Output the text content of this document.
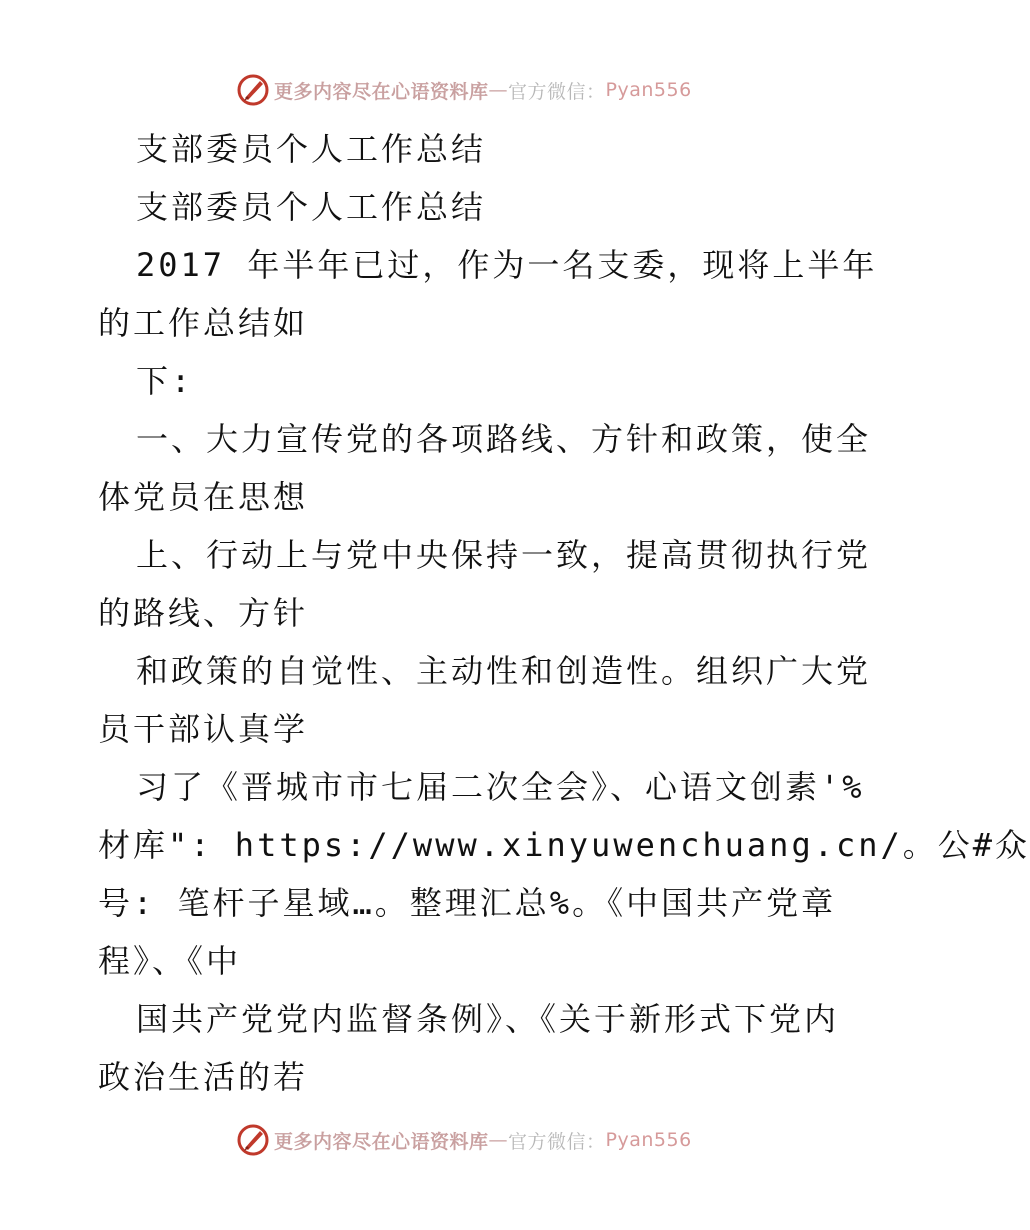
更多内容尽在心语资料库 — 官方微信： Pyan556
支部委员个人工作总结
支部委员个人工作总结
2017 年半年已过，作为一名支委，现将上半年
的工作总结如
下:
一、大力宣传党的各项路线、方针和政策，使全
体党员在思想
上、行动上与党中央保持一致，提高贯彻执行党
的路线、方针
和政策的自觉性、主动性和创造性。组织广大党
员干部认真学
习了《晋城市市七届二次全会》、心语文创素'%
材库": https://www.xinyuwenchuang.cn/。公#众
号: 笔杆子星域…。整理汇总%。《中国共产党章
程》、《中
国共产党党内监督条例》、《关于新形式下党内
政治生活的若
更多内容尽在心语资料库 — 官方微信： Pyan556
